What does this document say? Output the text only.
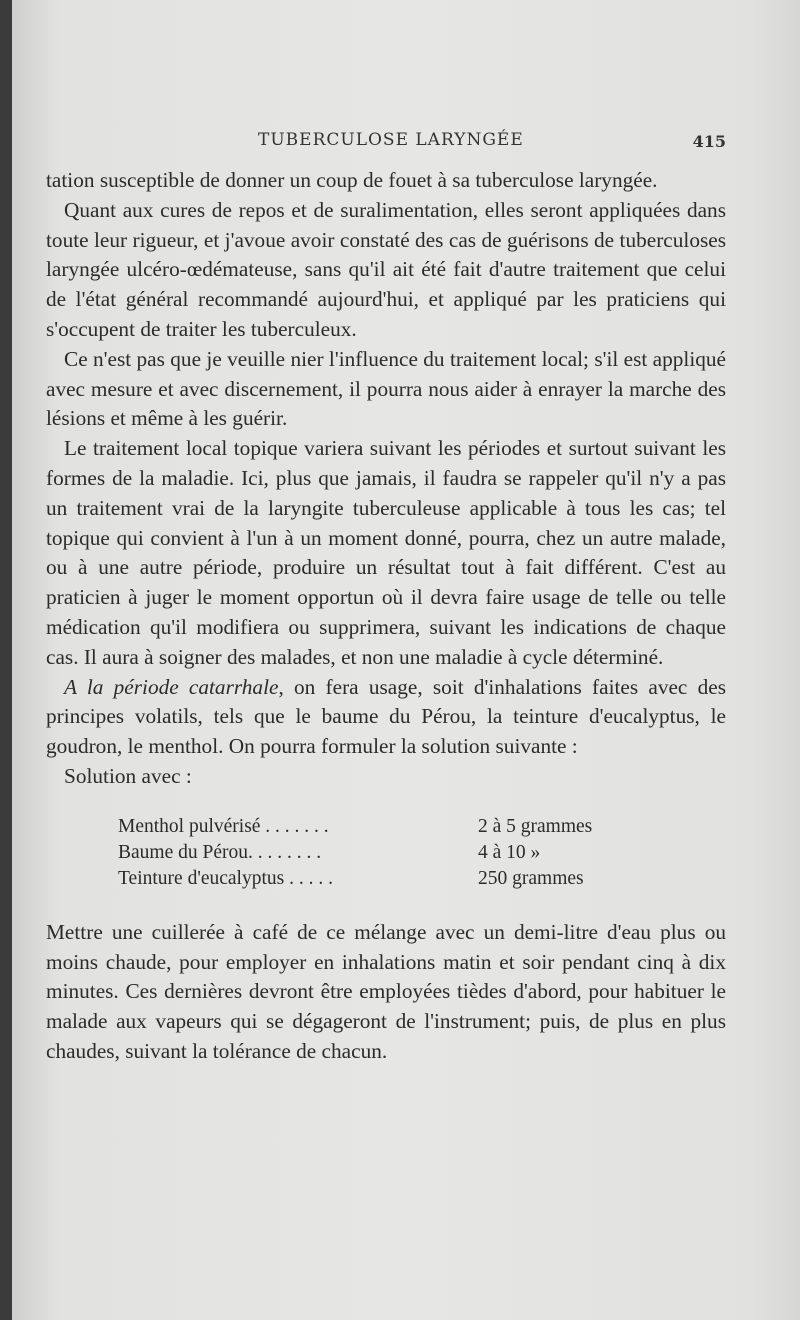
TUBERCULOSE LARYNGÉE	415

tation susceptible de donner un coup de fouet à sa tuberculose laryngée.

Quant aux cures de repos et de suralimentation, elles seront appliquées dans toute leur rigueur, et j'avoue avoir constaté des cas de guérisons de tuberculoses laryngée ulcéro-œdémateuse, sans qu'il ait été fait d'autre traitement que celui de l'état général recommandé aujourd'hui, et appliqué par les praticiens qui s'occupent de traiter les tuberculeux.

Ce n'est pas que je veuille nier l'influence du traitement local; s'il est appliqué avec mesure et avec discernement, il pourra nous aider à enrayer la marche des lésions et même à les guérir.

Le traitement local topique variera suivant les périodes et surtout suivant les formes de la maladie. Ici, plus que jamais, il faudra se rappeler qu'il n'y a pas un traitement vrai de la laryngite tuberculeuse applicable à tous les cas; tel topique qui convient à l'un à un moment donné, pourra, chez un autre malade, ou à une autre période, produire un résultat tout à fait différent. C'est au praticien à juger le moment opportun où il devra faire usage de telle ou telle médication qu'il modifiera ou supprimera, suivant les indications de chaque cas. Il aura à soigner des malades, et non une maladie à cycle déterminé.

A la période catarrhale, on fera usage, soit d'inhalations faites avec des principes volatils, tels que le baume du Pérou, la teinture d'eucalyptus, le goudron, le menthol. On pourra formuler la solution suivante :

Solution avec :

Menthol pulvérisé . . . . . . .	2 à 5 grammes
Baume du Pérou. . . . . . . .	4 à 10 »
Teinture d'eucalyptus . . . . .	250 grammes

Mettre une cuillerée à café de ce mélange avec un demi-litre d'eau plus ou moins chaude, pour employer en inhalations matin et soir pendant cinq à dix minutes. Ces dernières devront être employées tièdes d'abord, pour habituer le malade aux vapeurs qui se dégageront de l'instrument; puis, de plus en plus chaudes, suivant la tolérance de chacun.
